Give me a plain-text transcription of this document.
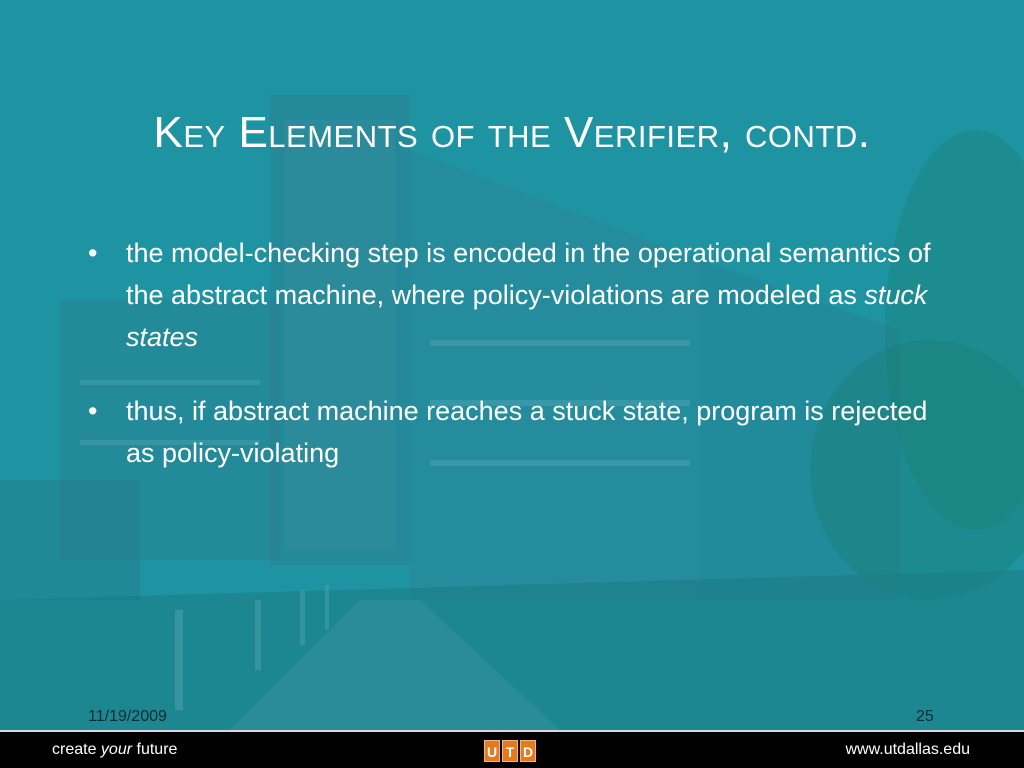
Key Elements of the Verifier, contd.
• the model-checking step is encoded in the operational semantics of the abstract machine, where policy-violations are modeled as stuck states
• thus, if abstract machine reaches a stuck state, program is rejected as policy-violating
11/19/2009	25
create your future	U T D	www.utdallas.edu
